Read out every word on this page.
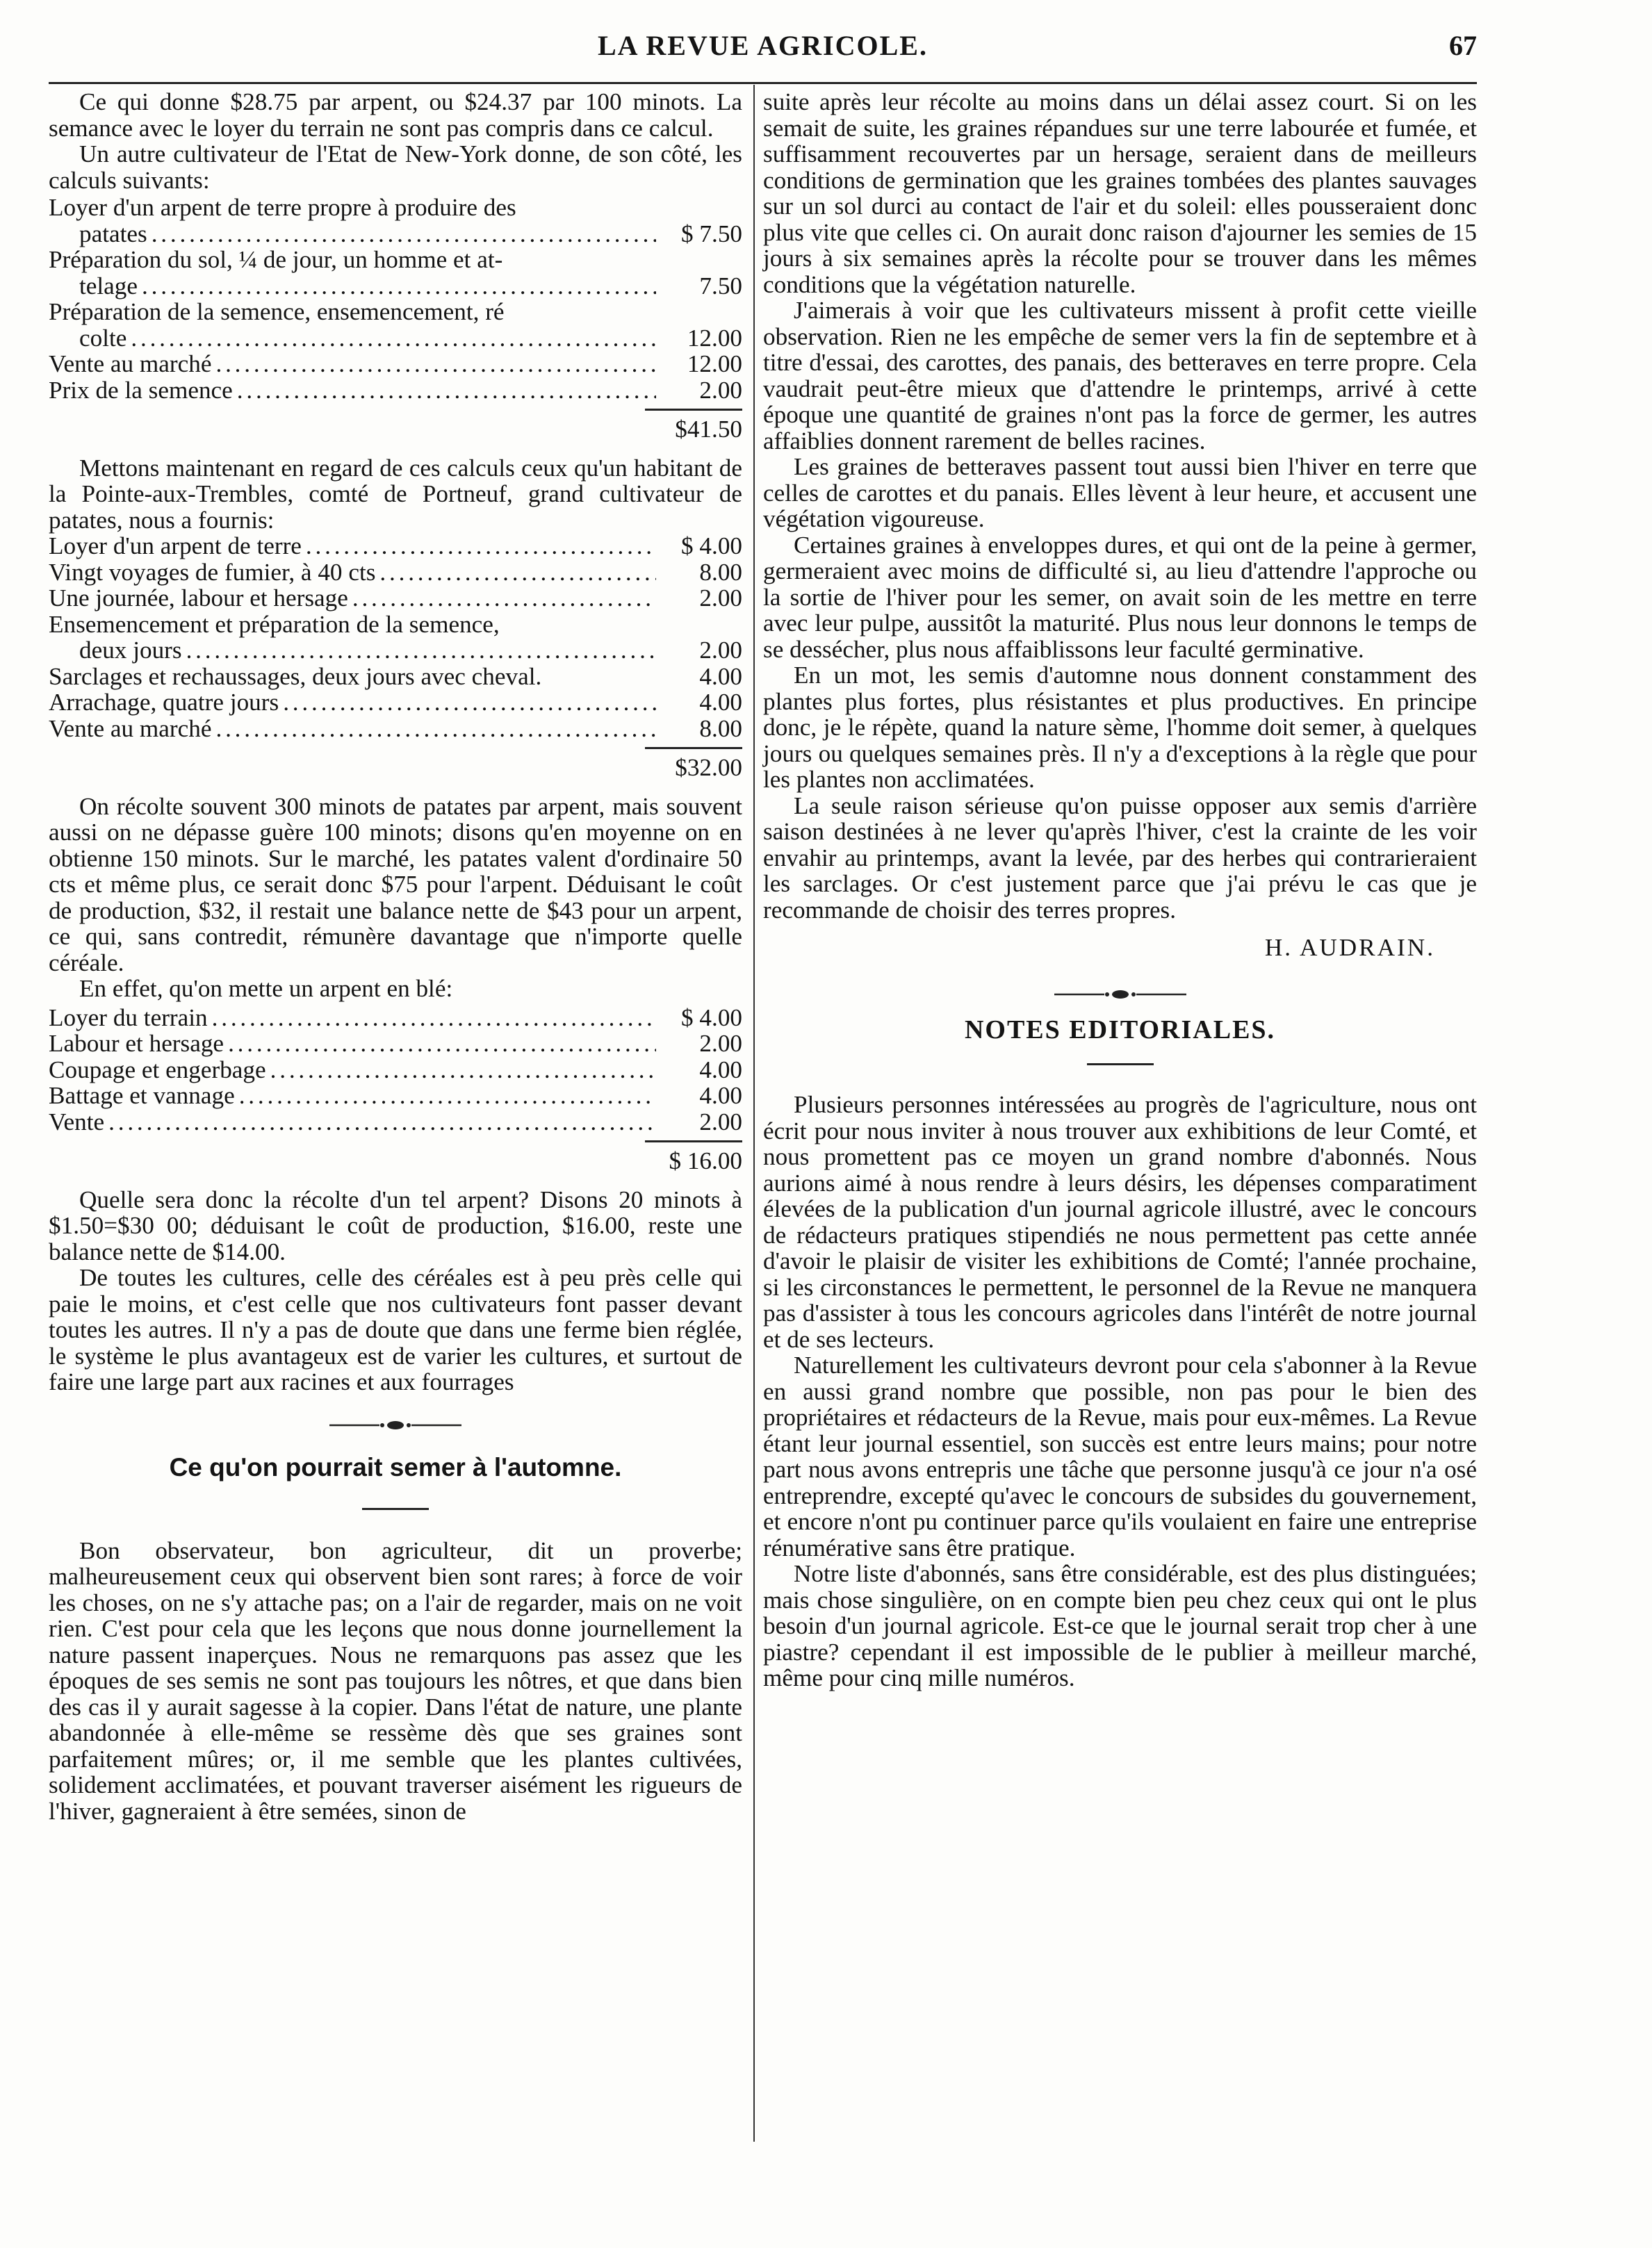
LA REVUE AGRICOLE.	67

Ce qui donne $28.75 par arpent, ou $24.37 par 100 minots. La semance avec le loyer du terrain ne sont pas compris dans ce calcul.

Un autre cultivateur de l'Etat de New-York donne, de son côté, les calculs suivants:

Loyer d'un arpent de terre propre à produire des
patates . . .	$ 7.50
Préparation du sol, ¼ de jour, un homme et at-
telage . . .	7.50
Préparation de la semence, ensemencement, ré
colte . . .	12.00
Vente au marché . . .	12.00
Prix de la semence . . .	2.00
$41.50

Mettons maintenant en regard de ces calculs ceux qu'un habitant de la Pointe-aux-Trembles, comté de Portneuf, grand cultivateur de patates, nous a fournis:

Loyer d'un arpent de terre . . .	$ 4.00
Vingt voyages de fumier, à 40 cts . . .	8.00
Une journée, labour et hersage . . .	2.00
Ensemencement et préparation de la semence,
deux jours . . .	2.00
Sarclages et rechaussages, deux jours avec cheval.	4.00
Arrachage, quatre jours . . .	4.00
Vente au marché . . .	8.00
$32.00

On récolte souvent 300 minots de patates par arpent, mais souvent aussi on ne dépasse guère 100 minots; disons qu'en moyenne on en obtienne 150 minots. Sur le marché, les patates valent d'ordinaire 50 cts et même plus, ce serait donc $75 pour l'arpent. Déduisant le coût de production, $32, il restait une balance nette de $43 pour un arpent, ce qui, sans contredit, rémunère davantage que n'importe quelle céréale.

En effet, qu'on mette un arpent en blé:

Loyer du terrain . . .	$ 4.00
Labour et hersage . . .	2.00
Coupage et engerbage . . .	4.00
Battage et vannage . . .	4.00
Vente . . .	2.00
$ 16.00

Quelle sera donc la récolte d'un tel arpent? Disons 20 minots à $1.50=$30 00; déduisant le coût de production, $16.00, reste une balance nette de $14.00.

De toutes les cultures, celle des céréales est à peu près celle qui paie le moins, et c'est celle que nos cultivateurs font passer devant toutes les autres. Il n'y a pas de doute que dans une ferme bien réglée, le système le plus avantageux est de varier les cultures, et surtout de faire une large part aux racines et aux fourrages

Ce qu'on pourrait semer à l'automne.

Bon observateur, bon agriculteur, dit un proverbe; malheureusement ceux qui observent bien sont rares; à force de voir les choses, on ne s'y attache pas; on a l'air de regarder, mais on ne voit rien. C'est pour cela que les leçons que nous donne journellement la nature passent inaperçues. Nous ne remarquons pas assez que les époques de ses semis ne sont pas toujours les nôtres, et que dans bien des cas il y aurait sagesse à la copier. Dans l'état de nature, une plante abandonnée à elle-même se ressème dès que ses graines sont parfaitement mûres; or, il me semble que les plantes cultivées, solidement acclimatées, et pouvant traverser aisément les rigueurs de l'hiver, gagneraient à être semées, sinon de

suite après leur récolte au moins dans un délai assez court. Si on les semait de suite, les graines répandues sur une terre labourée et fumée, et suffisamment recouvertes par un hersage, seraient dans de meilleurs conditions de germination que les graines tombées des plantes sauvages sur un sol durci au contact de l'air et du soleil: elles pousseraient donc plus vite que celles ci. On aurait donc raison d'ajourner les semies de 15 jours à six semaines après la récolte pour se trouver dans les mêmes conditions que la végétation naturelle.

J'aimerais à voir que les cultivateurs missent à profit cette vieille observation. Rien ne les empêche de semer vers la fin de septembre et à titre d'essai, des carottes, des panais, des betteraves en terre propre. Cela vaudrait peut-être mieux que d'attendre le printemps, arrivé à cette époque une quantité de graines n'ont pas la force de germer, les autres affaiblies donnent rarement de belles racines.

Les graines de betteraves passent tout aussi bien l'hiver en terre que celles de carottes et du panais. Elles lèvent à leur heure, et accusent une végétation vigoureuse.

Certaines graines à enveloppes dures, et qui ont de la peine à germer, germeraient avec moins de difficulté si, au lieu d'attendre l'approche ou la sortie de l'hiver pour les semer, on avait soin de les mettre en terre avec leur pulpe, aussitôt la maturité. Plus nous leur donnons le temps de se dessécher, plus nous affaiblissons leur faculté germinative.

En un mot, les semis d'automne nous donnent constamment des plantes plus fortes, plus résistantes et plus productives. En principe donc, je le répète, quand la nature sème, l'homme doit semer, à quelques jours ou quelques semaines près. Il n'y a d'exceptions à la règle que pour les plantes non acclimatées.

La seule raison sérieuse qu'on puisse opposer aux semis d'arrière saison destinées à ne lever qu'après l'hiver, c'est la crainte de les voir envahir au printemps, avant la levée, par des herbes qui contrarieraient les sarclages. Or c'est justement parce que j'ai prévu le cas que je recommande de choisir des terres propres.

H. AUDRAIN.
NOTES EDITORIALES.

Plusieurs personnes intéressées au progrès de l'agriculture, nous ont écrit pour nous inviter à nous trouver aux exhibitions de leur Comté, et nous promettent pas ce moyen un grand nombre d'abonnés. Nous aurions aimé à nous rendre à leurs désirs, les dépenses comparatiment élevées de la publication d'un journal agricole illustré, avec le concours de rédacteurs pratiques stipendiés ne nous permettent pas cette année d'avoir le plaisir de visiter les exhibitions de Comté; l'année prochaine, si les circonstances le permettent, le personnel de la Revue ne manquera pas d'assister à tous les concours agricoles dans l'intérêt de notre journal et de ses lecteurs.

Naturellement les cultivateurs devront pour cela s'abonner à la Revue en aussi grand nombre que possible, non pas pour le bien des propriétaires et rédacteurs de la Revue, mais pour eux-mêmes. La Revue étant leur journal essentiel, son succès est entre leurs mains; pour notre part nous avons entrepris une tâche que personne jusqu'à ce jour n'a osé entreprendre, excepté qu'avec le concours de subsides du gouvernement, et encore n'ont pu continuer parce qu'ils voulaient en faire une entreprise rénumérative sans être pratique.

Notre liste d'abonnés, sans être considérable, est des plus distinguées; mais chose singulière, on en compte bien peu chez ceux qui ont le plus besoin d'un journal agricole. Est-ce que le journal serait trop cher à une piastre? cependant il est impossible de le publier à meilleur marché, même pour cinq mille numéros.
